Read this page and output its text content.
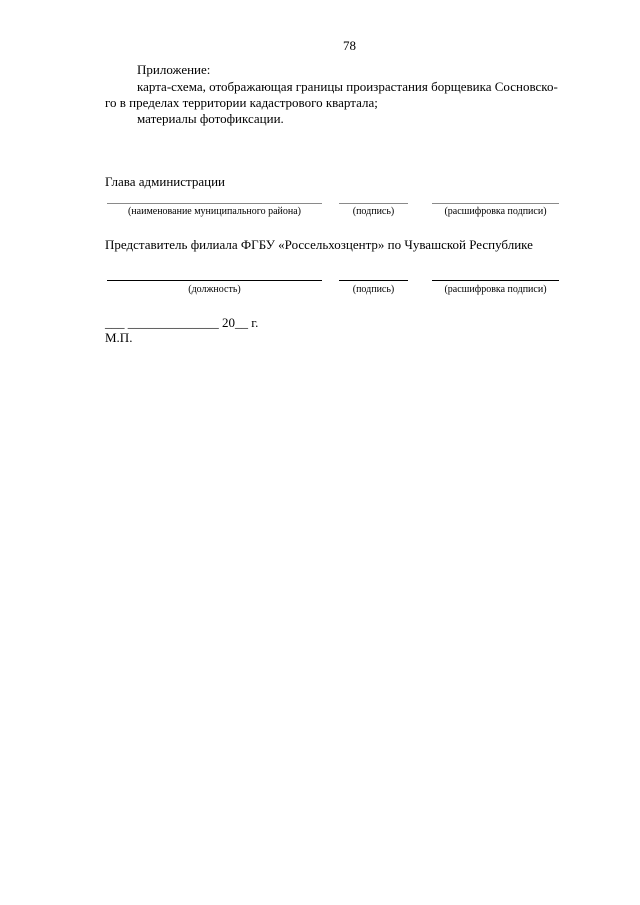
78
Приложение:
карта-схема, отображающая границы произрастания борщевика Сосновско-
го в пределах территории кадастрового квартала;
материалы фотофиксации.
Глава администрации
(наименование муниципального района)	(подпись)	(расшифровка подписи)
Представитель филиала ФГБУ «Россельхозцентр» по Чувашской Республике
(должность)	(подпись)	(расшифровка подписи)
___ ______________ 20__ г.
М.П.
